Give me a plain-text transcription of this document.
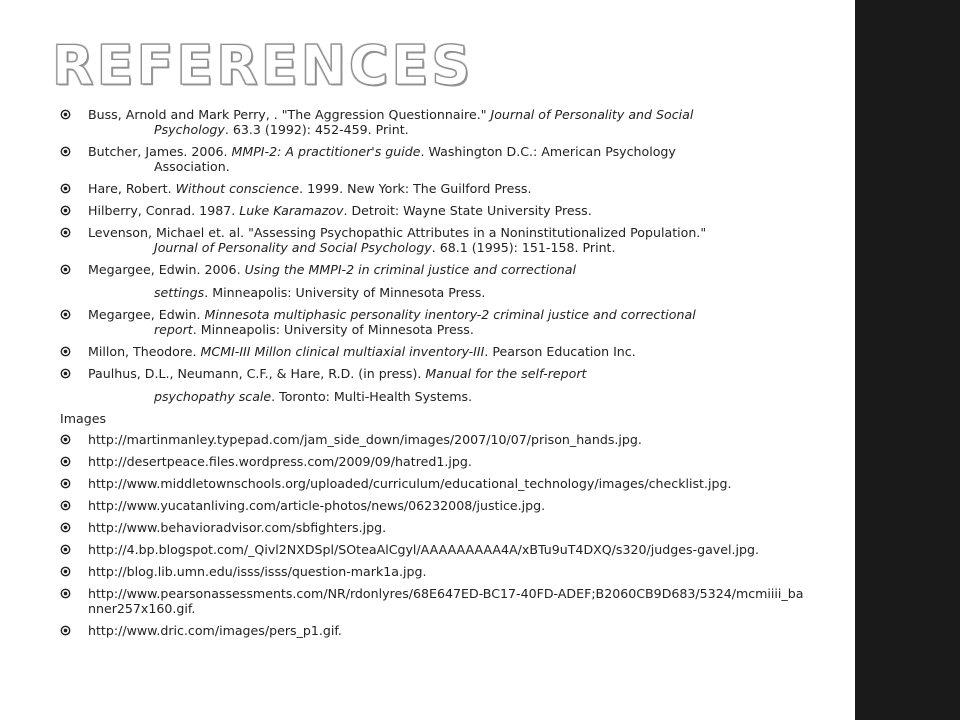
REFERENCES
Buss, Arnold and Mark Perry, . "The Aggression Questionnaire." Journal of Personality and Social
Psychology. 63.3 (1992): 452-459. Print.
Butcher, James. 2006. MMPI-2: A practitioner's guide. Washington D.C.: American Psychology
Association.
Hare, Robert. Without conscience. 1999. New York: The Guilford Press.
Hilberry, Conrad. 1987. Luke Karamazov. Detroit: Wayne State University Press.
Levenson, Michael et. al. "Assessing Psychopathic Attributes in a Noninstitutionalized Population."
Journal of Personality and Social Psychology. 68.1 (1995): 151-158. Print.
Megargee, Edwin. 2006. Using the MMPI-2 in criminal justice and correctional
settings. Minneapolis: University of Minnesota Press.
Megargee, Edwin. Minnesota multiphasic personality inentory-2 criminal justice and correctional
report. Minneapolis: University of Minnesota Press.
Millon, Theodore. MCMI-III Millon clinical multiaxial inventory-III. Pearson Education Inc.
Paulhus, D.L., Neumann, C.F., & Hare, R.D. (in press). Manual for the self-report
psychopathy scale. Toronto: Multi-Health Systems.
Images
http://martinmanley.typepad.com/jam_side_down/images/2007/10/07/prison_hands.jpg.
http://desertpeace.files.wordpress.com/2009/09/hatred1.jpg.
http://www.middletownschools.org/uploaded/curriculum/educational_technology/images/checklist.jpg.
http://www.yucatanliving.com/article-photos/news/06232008/justice.jpg.
http://www.behavioradvisor.com/sbfighters.jpg.
http://4.bp.blogspot.com/_Qivl2NXDSpl/SOteaAlCgyl/AAAAAAAAA4A/xBTu9uT4DXQ/s320/judges-gavel.jpg.
http://blog.lib.umn.edu/isss/isss/question-mark1a.jpg.
http://www.pearsonassessments.com/NR/rdonlyres/68E647ED-BC17-40FD-ADEF;B2060CB9D683/5324/mcmiiii_banner257x160.gif.
http://www.dric.com/images/pers_p1.gif.
